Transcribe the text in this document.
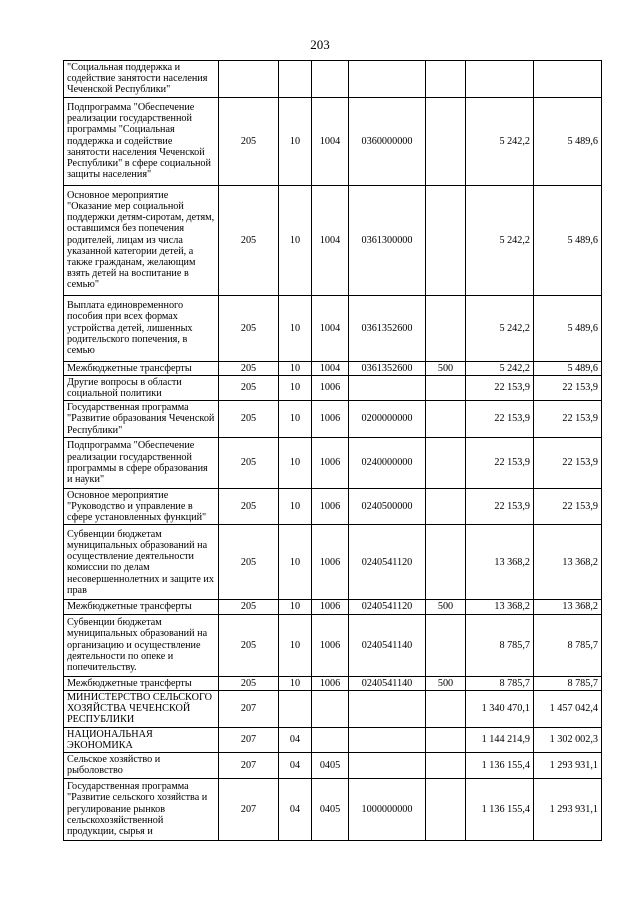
203
"Социальная поддержка и содействие занятости населения Чеченской Республики"							
Подпрограмма "Обеспечение реализации государственной программы "Социальная поддержка и содействие занятости населения Чеченской Республики" в сфере социальной защиты населения"	205	10	1004	0360000000		5 242,2	5 489,6
Основное мероприятие "Оказание мер социальной поддержки детям-сиротам, детям, оставшимся без попечения родителей, лицам из числа указанной категории детей, а также гражданам, желающим взять детей на воспитание в семью"	205	10	1004	0361300000		5 242,2	5 489,6
Выплата единовременного пособия при всех формах устройства детей, лишенных родительского попечения, в семью	205	10	1004	0361352600		5 242,2	5 489,6
Межбюджетные трансферты	205	10	1004	0361352600	500	5 242,2	5 489,6
Другие вопросы в области социальной политики	205	10	1006			22 153,9	22 153,9
Государственная программа "Развитие образования Чеченской Республики"	205	10	1006	0200000000		22 153,9	22 153,9
Подпрограмма "Обеспечение реализации государственной программы в сфере образования и науки"	205	10	1006	0240000000		22 153,9	22 153,9
Основное мероприятие "Руководство и управление в сфере установленных функций"	205	10	1006	0240500000		22 153,9	22 153,9
Субвенции бюджетам муниципальных образований на осуществление деятельности комиссии по делам несовершеннолетних и защите их прав	205	10	1006	0240541120		13 368,2	13 368,2
Межбюджетные трансферты	205	10	1006	0240541120	500	13 368,2	13 368,2
Субвенции бюджетам муниципальных образований на организацию и осуществление деятельности по опеке и попечительству.	205	10	1006	0240541140		8 785,7	8 785,7
Межбюджетные трансферты	205	10	1006	0240541140	500	8 785,7	8 785,7
МИНИСТЕРСТВО СЕЛЬСКОГО ХОЗЯЙСТВА ЧЕЧЕНСКОЙ РЕСПУБЛИКИ	207					1 340 470,1	1 457 042,4
НАЦИОНАЛЬНАЯ ЭКОНОМИКА	207	04				1 144 214,9	1 302 002,3
Сельское хозяйство и рыболовство	207	04	0405			1 136 155,4	1 293 931,1
Государственная программа "Развитие сельского хозяйства и регулирование рынков сельскохозяйственной продукции, сырья и	207	04	0405	1000000000		1 136 155,4	1 293 931,1
